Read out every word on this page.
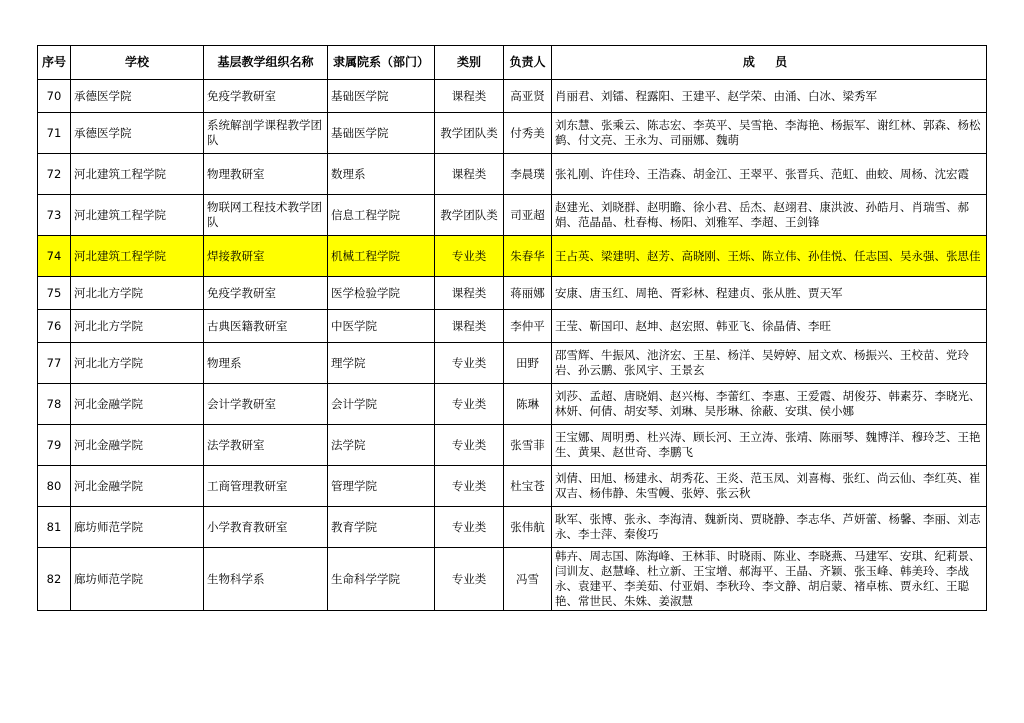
序号	学校	基层教学组织名称	隶属院系（部门）	类别	负责人	成 员
70	承德医学院	免疫学教研室	基础医学院	课程类	高亚贤	肖丽君、刘镭、程露阳、王建平、赵学荣、由涌、白冰、梁秀军
71	承德医学院	系统解剖学课程教学团队	基础医学院	教学团队类	付秀美	刘东慧、张乘云、陈志宏、李英平、吴雪艳、李海艳、杨振军、谢红林、郭森、杨松鹤、付文亮、王永为、司丽娜、魏萌
72	河北建筑工程学院	物理教研室	数理系	课程类	李晨璞	张礼刚、许佳玲、王浩森、胡金江、王翠平、张晋兵、范虹、曲蛟、周杨、沈宏霞
73	河北建筑工程学院	物联网工程技术教学团队	信息工程学院	教学团队类	司亚超	赵建光、刘晓群、赵明瞻、徐小君、岳杰、赵翊君、康洪波、孙皓月、肖瑞雪、郝娟、范晶晶、杜春梅、杨阳、刘雅军、李超、王剑锋
74	河北建筑工程学院	焊接教研室	机械工程学院	专业类	朱春华	王占英、梁建明、赵芳、高晓刚、王烁、陈立伟、孙佳悦、任志国、吴永强、张思佳
75	河北北方学院	免疫学教研室	医学检验学院	课程类	蒋丽娜	安康、唐玉红、周艳、胥彩林、程建贞、张从胜、贾天军
76	河北北方学院	古典医籍教研室	中医学院	课程类	李仲平	王莹、靳国印、赵坤、赵宏照、韩亚飞、徐晶倩、李旺
77	河北北方学院	物理系	理学院	专业类	田野	邵雪辉、牛振风、池济宏、王星、杨洋、吴婷婷、屈文欢、杨振兴、王校苗、党玲岩、孙云鹏、张风宇、王景玄
78	河北金融学院	会计学教研室	会计学院	专业类	陈琳	刘莎、孟超、唐晓娟、赵兴梅、李蕾红、李惠、王爱霞、胡俊芬、韩素芬、李晓光、林妍、何倩、胡安琴、刘琳、吴彤琳、徐蔽、安琪、侯小娜
79	河北金融学院	法学教研室	法学院	专业类	张雪菲	王宝娜、周明勇、杜兴涛、顾长河、王立涛、张靖、陈丽琴、魏博洋、穆玲芝、王艳生、黄果、赵世奇、李鹏飞
80	河北金融学院	工商管理教研室	管理学院	专业类	杜宝苍	刘倩、田旭、杨建永、胡秀花、王炎、范玉凤、刘喜梅、张红、尚云仙、李红英、崔双吉、杨伟静、朱雪幔、张婷、张云秋
81	廊坊师范学院	小学教育教研室	教育学院	专业类	张伟航	耿军、张博、张永、李海清、魏新岗、贾晓静、李志华、芦妍蕾、杨馨、李丽、刘志永、李士萍、秦俊巧
82	廊坊师范学院	生物科学系	生命科学学院	专业类	冯雪	韩卉、周志国、陈海峰、王林菲、时晓雨、陈业、李晓燕、马建军、安琪、纪莉景、闫训友、赵慧峰、杜立新、王宝增、郝海平、王晶、齐颖、张玉峰、韩美玲、李战永、袁建平、李美茹、付亚娟、李秋玲、李文静、胡启蒙、褚卓栋、贾永红、王聪艳、常世民、朱姝、姜淑慧
